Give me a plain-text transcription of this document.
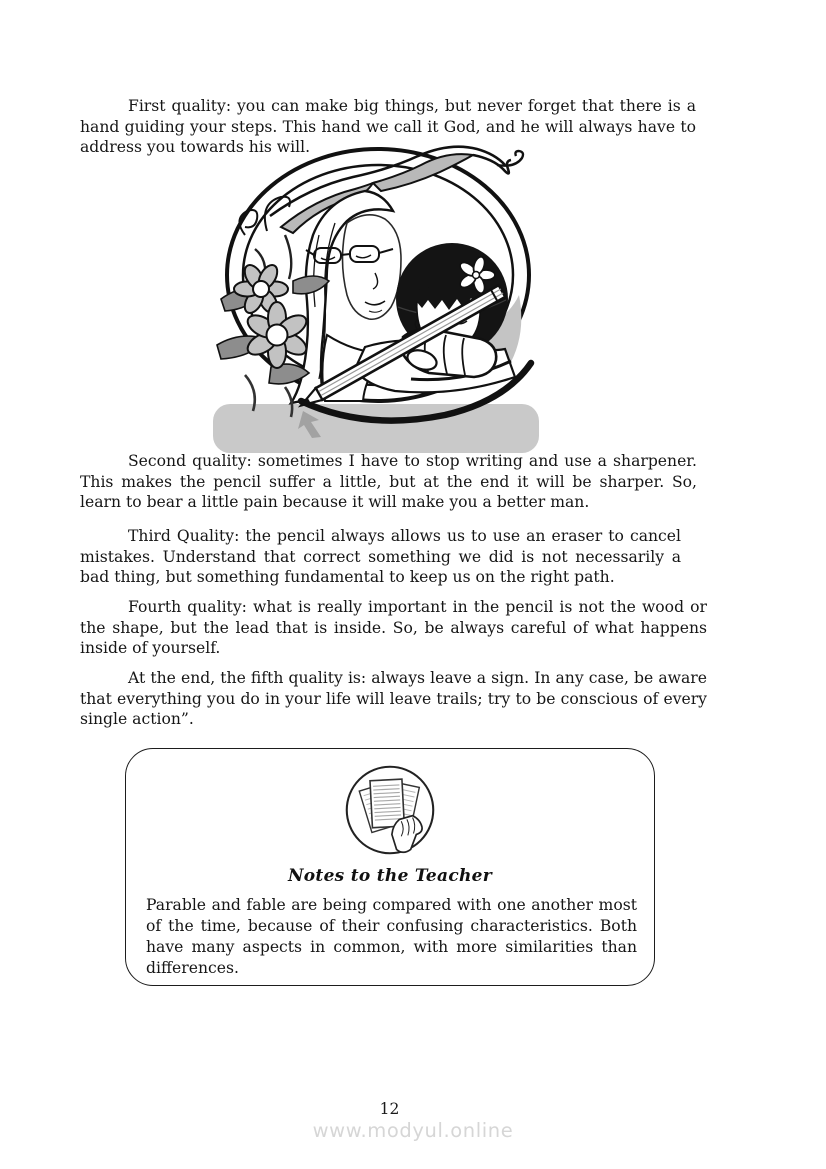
First quality: you can make big things, but never forget that there is a hand guiding your steps. This hand we call it God, and he will always have to address you towards his will.

Second quality: sometimes I have to stop writing and use a sharpener. This makes the pencil suffer a little, but at the end it will be sharper. So, learn to bear a little pain because it will make you a better man.

Third Quality: the pencil always allows us to use an eraser to cancel mistakes. Understand that correct something we did is not necessarily a bad thing, but something fundamental to keep us on the right path.

Fourth quality: what is really important in the pencil is not the wood or the shape, but the lead that is inside. So, be always careful of what happens inside of yourself.

At the end, the fifth quality is: always leave a sign. In any case, be aware that everything you do in your life will leave trails; try to be conscious of every single action”.

Notes to the Teacher

Parable and fable are being compared with one another most of the time, because of their confusing characteristics. Both have many aspects in common, with more similarities than differences.

12
www.modyul.online
